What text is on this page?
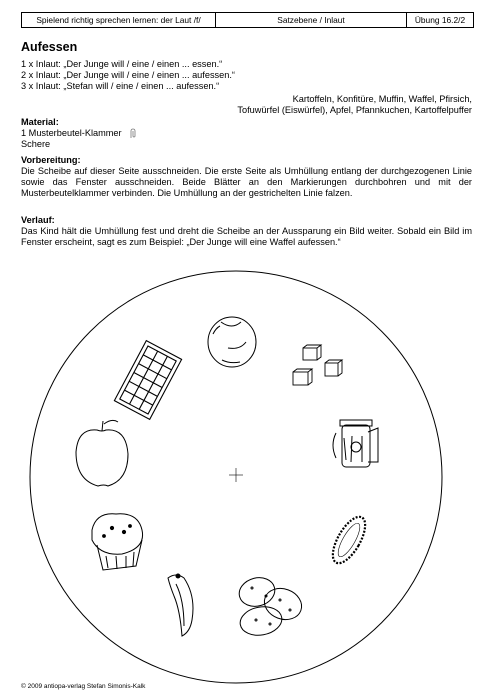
Spielend richtig sprechen lernen: der Laut /f/	Satzebene / Inlaut	Übung 16.2/2
Aufessen
1 x Inlaut: „Der Junge will / eine / einen ... essen.“
2 x Inlaut: „Der Junge will / eine / einen ... aufessen.“
3 x Inlaut: „Stefan will / eine / einen ... aufessen.“
Kartoffeln, Konfitüre, Muffin, Waffel, Pfirsich,
Tofuwürfel (Eiswürfel), Apfel, Pfannkuchen, Kartoffelpuffer
Material:
1 Musterbeutel-Klammer
Schere
Vorbereitung:

Die Scheibe auf dieser Seite ausschneiden. Die erste Seite als Umhüllung entlang der durchgezogenen Linie sowie das Fenster ausschneiden. Beide Blätter an den Markierungen durchbohren und mit der Musterbeutelklammer verbinden. Die Umhüllung an der gestrichelten Linie falzen.

Verlauf:

Das Kind hält die Umhüllung fest und dreht die Scheibe an der Aussparung ein Bild weiter. Sobald ein Bild im Fenster erscheint, sagt es zum Beispiel: „Der Junge will eine Waffel aufessen.“

© 2009 antiopa-verlag Stefan Simonis-Kalk
